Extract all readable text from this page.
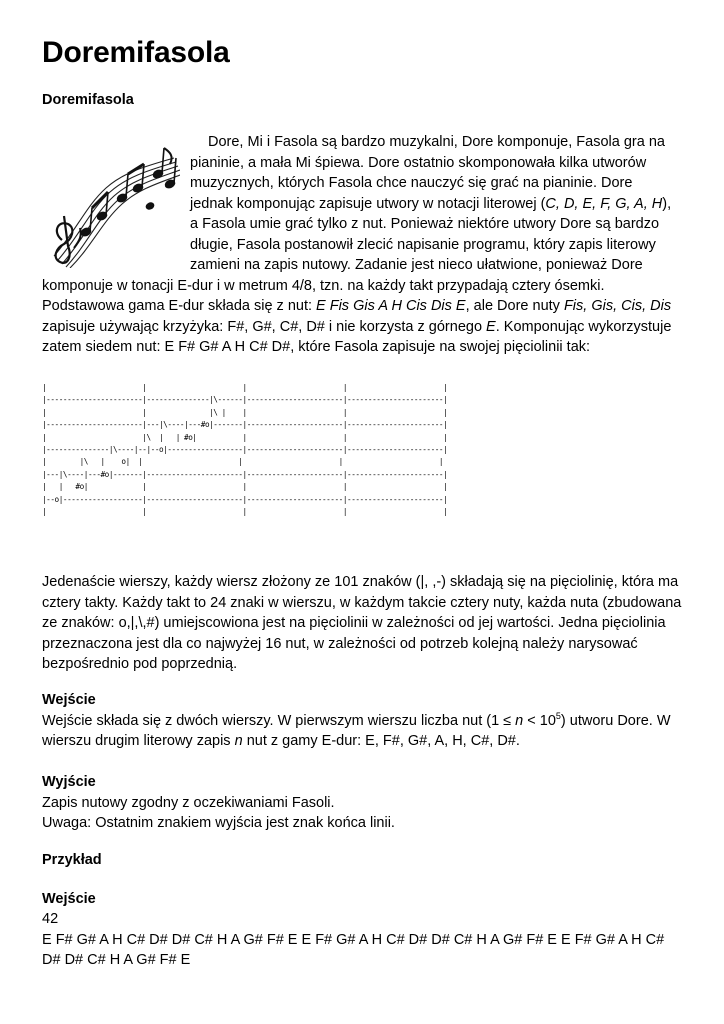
Doremifasola
Doremifasola

Dore, Mi i Fasola są bardzo muzykalni, Dore komponuje, Fasola gra na pianinie, a mała Mi śpiewa. Dore ostatnio skomponowała kilka utworów muzycznych, których Fasola chce nauczyć się grać na pianinie. Dore jednak komponując zapisuje utwory w notacji literowej (C, D, E, F, G, A, H), a Fasola umie grać tylko z nut. Ponieważ niektóre utwory Dore są bardzo długie, Fasola postanowił zlecić napisanie programu, który zapis literowy zamieni na zapis nutowy. Zadanie jest nieco ułatwione, ponieważ Dore komponuje w tonacji E-dur i w metrum 4/8, tzn. na każdy takt przypadają cztery ósemki. Podstawowa gama E-dur składa się z nut: E Fis Gis A H Cis Dis E, ale Dore nuty Fis, Gis, Cis, Dis zapisuje używając krzyżyka: F#, G#, C#, D# i nie korzysta z górnego E. Komponując wykorzystuje zatem siedem nut: E F# G# A H C# D#, które Fasola zapisuje na swojej pięciolinii tak:

|                       |                       |                       |                       |
|-----------------------|---------------|\------|-----------------------|-----------------------|
|                       |               |\ |    |                       |                       |
|-----------------------|---|\----|---#o|-------|-----------------------|-----------------------|
|                       |\  |   | #o|           |                       |                       |
|---------------|\----|--|--o|------------------|-----------------------|-----------------------|
|        |\   |    o|  |                       |                       |                       |
|---|\----|---#o|-------|-----------------------|-----------------------|-----------------------|
|   |   #o|             |                       |                       |                       |
|--o|-------------------|-----------------------|-----------------------|-----------------------|
|                       |                       |                       |                       |

Jedenaście wierszy, każdy wiersz złożony ze 101 znaków (|, ,-) składają się na pięciolinię, która ma cztery takty. Każdy takt to 24 znaki w wierszu, w każdym takcie cztery nuty, każda nuta (zbudowana ze znaków: o,|,\,#) umiejscowiona jest na pięciolinii w zależności od jej wartości. Jedna pięciolinia przeznaczona jest dla co najwyżej 16 nut, w zależności od potrzeb kolejną należy narysować bezpośrednio pod poprzednią.

Wejście

Wejście składa się z dwóch wierszy. W pierwszym wierszu liczba nut $(1 \le n < 10^5)$ utworu Dore. W wierszu drugim literowy zapis n nut z gamy E-dur: E, F#, G#, A, H, C#, D#.

Wyjście

Zapis nutowy zgodny z oczekiwaniami Fasoli.

Uwaga: Ostatnim znakiem wyjścia jest znak końca linii.

Przykład

Wejście

42

E F# G# A H C# D# D# C# H A G# F# E E F# G# A H C# D# D# C# H A G# F# E E F# G# A H C# D# D# C# H A G# F# E
